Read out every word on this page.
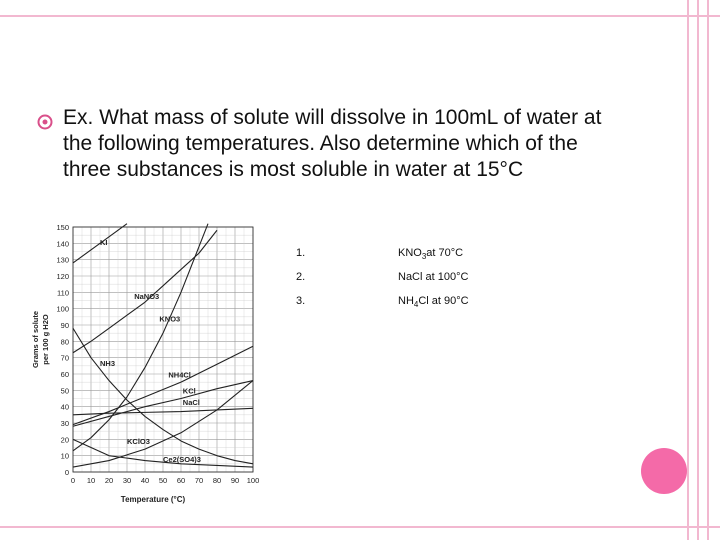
Ex. What mass of solute will dissolve in 100mL of water at the following temperatures. Also determine which of the three substances is most soluble in water at 15°C
1.	$KNO_3at$ 70°C
2.	NaCl at 100°C
3.	$NH_4Cl$ at 90°C
0
10
20
30
40
50
60
70
80
90
100
110
120
130
140
150
0 10 20 30 40 50 60 70 80 90 100
Temperature (°C)
Grams of solute per 100 g H2O
KI
NaNO3
KNO3
NH3
NH4Cl
KCl
NaCl
KClO3
Ce2(SO4)3
